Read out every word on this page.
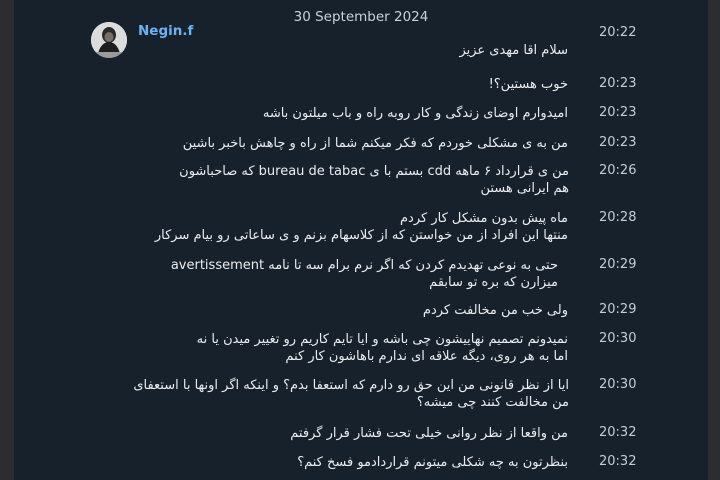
30 September 2024
Negin.f
سلام اقا مهدی عزیز
20:22
خوب هستین؟! 20:23
امیدوارم اوضای زندگی و کار روبه راه و باب میلتون باشه 20:23
من به ی مشکلی خوردم که فکر میکنم شما از راه و چاهش باخبر باشین 20:23
من ی قرارداد ۶ ماهه cdd بستم با ی bureau de tabac که صاحباشون هم ایرانی هستن
20:26
ماه پیش بدون مشکل کار کردم
منتها این افراد از من خواستن که از کلاسهام بزنم و ی ساعاتی رو بیام سرکار
20:28
حتی به نوعی تهدیدم کردن که اگر نرم برام سه تا نامه avertissement میزارن که بره تو سابقم
20:29
ولی خب من مخالفت کردم 20:29
نمیدونم تصمیم نهاییشون چی باشه و ایا تایم کاریم رو تغییر میدن یا نه
اما به هر روی، دیگه علاقه ای ندارم باهاشون کار کنم
20:30
ایا از نظر قانونی من این حق رو دارم که استعفا بدم؟ و اینکه اگر اونها با استعفای من مخالفت کنند چی میشه؟
20:30
من واقعا از نظر روانی خیلی تحت فشار قرار گرفتم 20:32
بنظرتون به چه شکلی میتونم قراردادمو فسخ کنم؟ 20:32
